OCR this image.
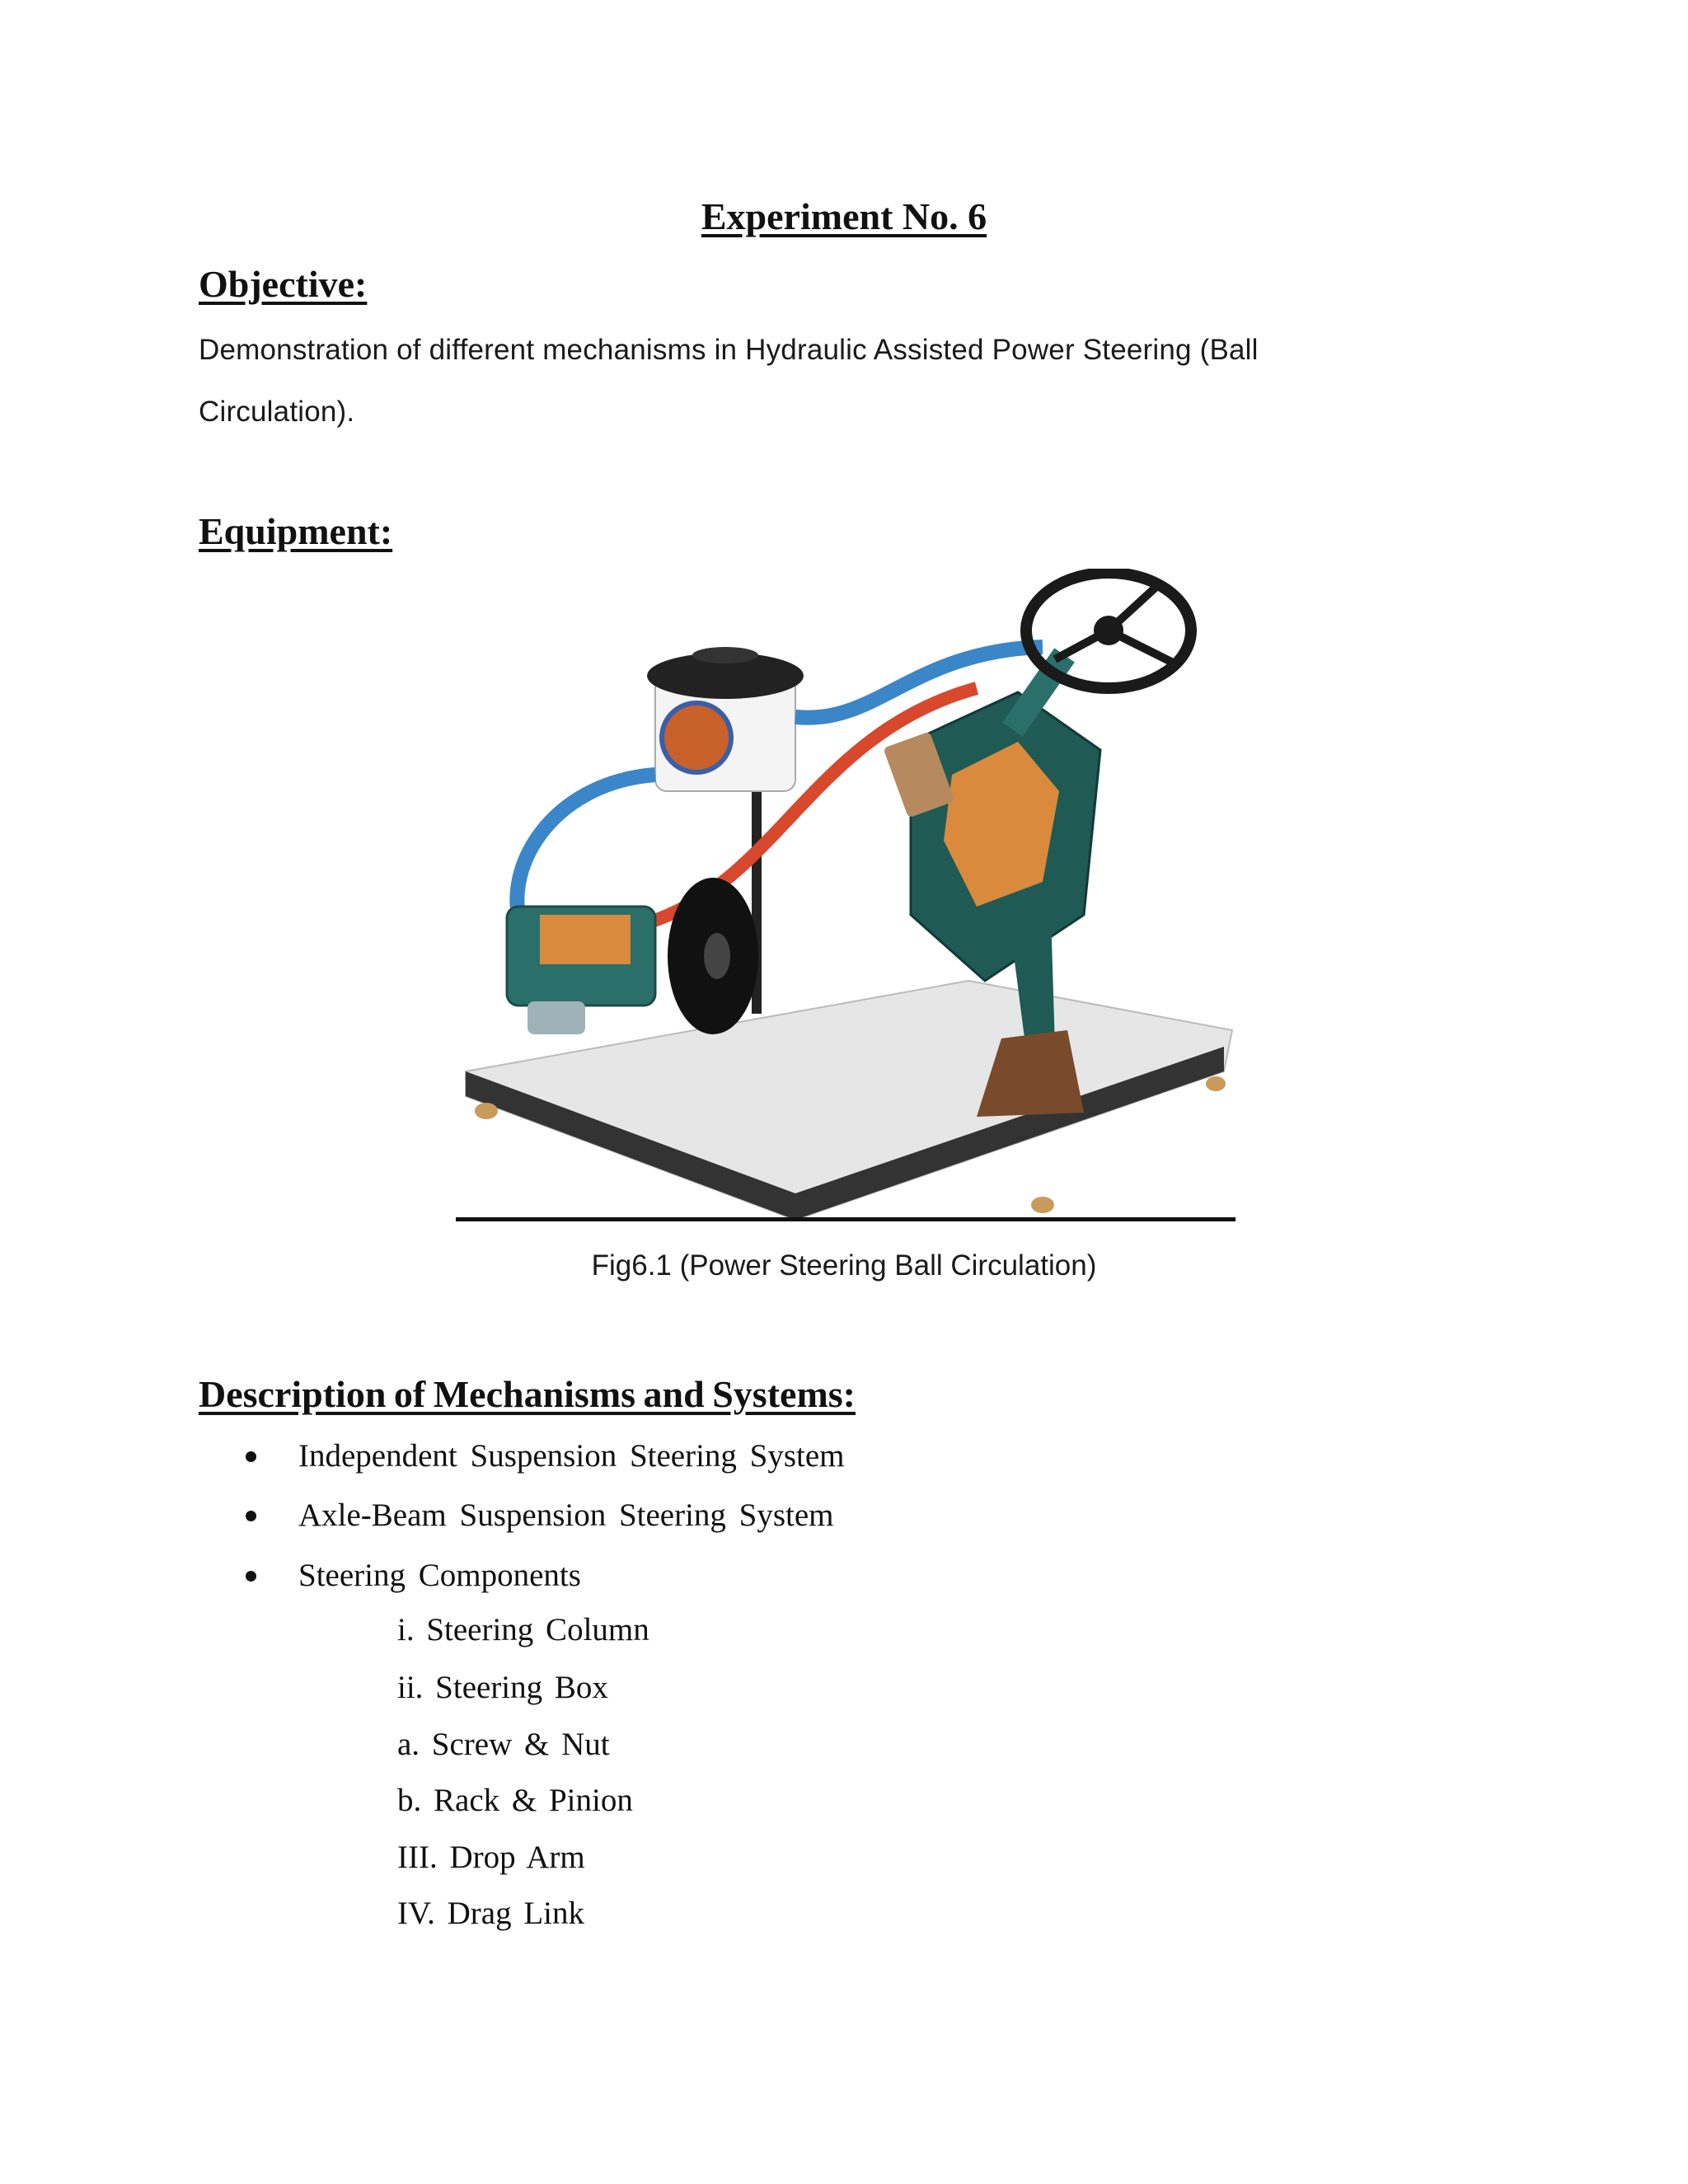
Experiment No. 6
Objective:
Demonstration of different mechanisms in Hydraulic Assisted Power Steering (Ball
Circulation).
Equipment:
Fig6.1 (Power Steering Ball Circulation)
Description of Mechanisms and Systems:
Independent Suspension Steering System
Axle-Beam Suspension Steering System
Steering Components
i. Steering Column
ii. Steering Box
a. Screw & Nut
b. Rack & Pinion
III. Drop Arm
IV. Drag Link
